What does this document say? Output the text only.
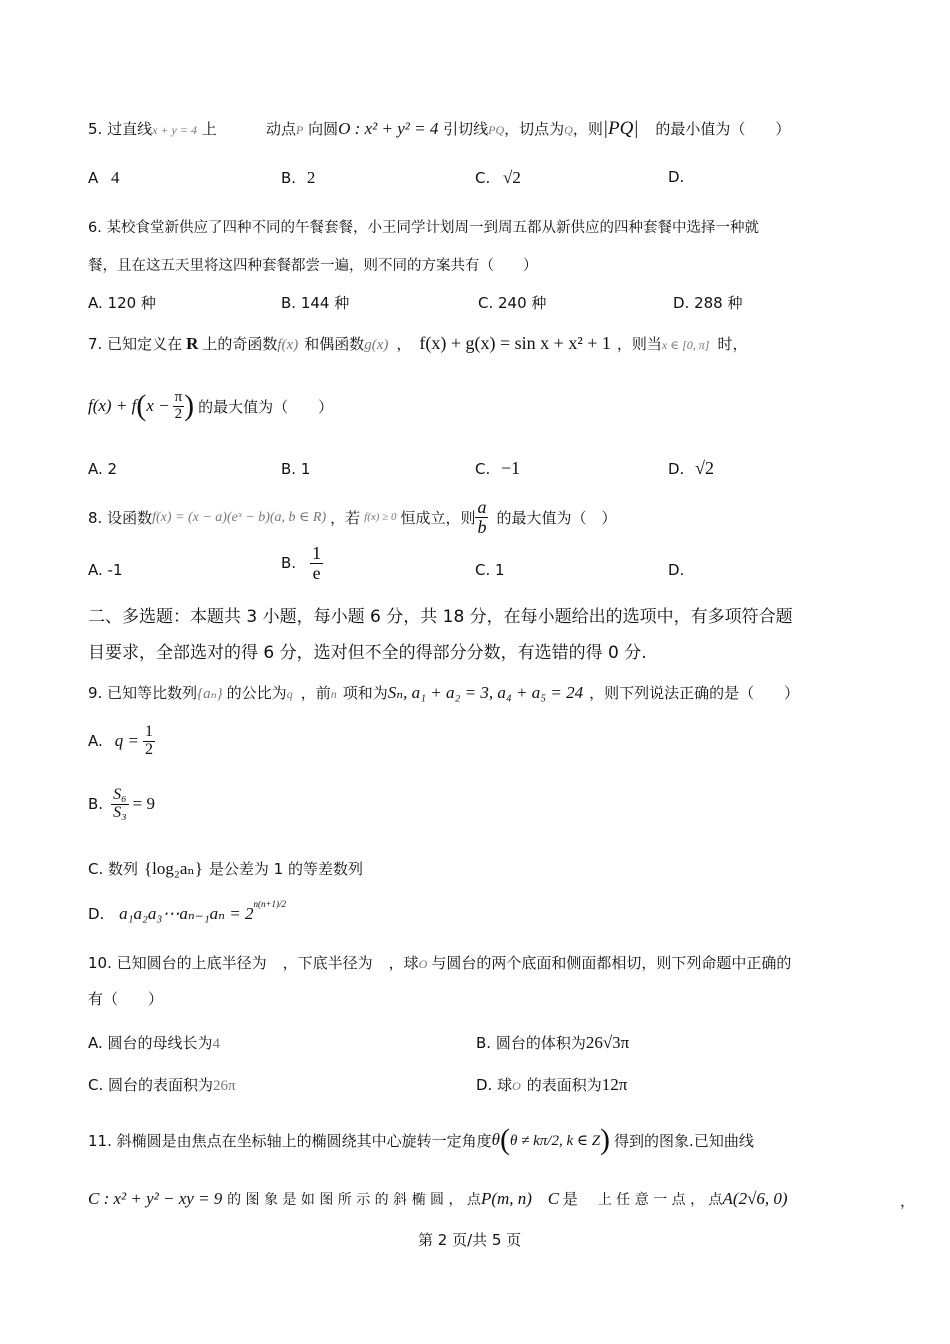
5. 过直线x + y = 4 上	动点P 向圆O : x² + y² = 4 引切线PQ，切点为Q，则|PQ| 的最小值为（　　）
A 4	B. 2	C. √2	D.
6. 某校食堂新供应了四种不同的午餐套餐，小王同学计划周一到周五都从新供应的四种套餐中选择一种就
餐，且在这五天里将这四种套餐都尝一遍，则不同的方案共有（　　）
A. 120 种	B. 144 种	C. 240 种	D. 288 种
7. 已知定义在 R 上的奇函数f(x) 和偶函数g(x) ， f(x) + g(x) = sin x + x² + 1 ，则当x ∈ [0, π] 时，
f(x) + f ( $x - \frac{\pi}{2}$ ) 的最大值为（　　）
A. 2	B. 1	C. −1	D. √2
8. 设函数 f(x) = (x − a)(eˣ − b)(a, b ∈ R) ，若 f(x) ≥ 0 恒成立，则 $\frac{a}{b}$ 的最大值为（　）
A. -1	B. $\frac{1}{e}$	C. 1	D.
二、多选题：本题共 3 小题，每小题 6 分，共 18 分，在每小题给出的选项中，有多项符合题
目要求，全部选对的得 6 分，选对但不全的得部分分数，有选错的得 0 分.
9. 已知等比数列{aₙ} 的公比为q ，前n 项和为Sₙ, a₁ + a₂ = 3, a₄ + a₅ = 24 ，则下列说法正确的是（　　）
A. $q = \frac{1}{2}$
B. $\frac{\text{S₆}}{\text{S₃}} = 9$
C. 数列 {log₂aₙ} 是公差为 1 的等差数列
D. a₁a₂a₃⋯aₙ₋₁aₙ = $2^{n(n+1)/2}$
10. 已知圆台的上底半径为 ，下底半径为 ，球O 与圆台的两个底面和侧面都相切，则下列命题中正确的
有（　　）
A. 圆台的母线长为4	B. 圆台的体积为26√3π
C. 圆台的表面积为26π	D. 球O 的表面积为12π
11. 斜椭圆是由焦点在坐标轴上的椭圆绕其中心旋转一定角度 θ ( θ ≠ kπ/2, k ∈ Z ) 得到的图象.已知曲线
C : x² + y² − xy = 9 的 图 象 是 如 图 所 示 的 斜 椭 圆 ， 点P(m, n) 是C	上 任 意 一 点 ， 点A(2√6, 0)	，
第 2 页/共 5 页
